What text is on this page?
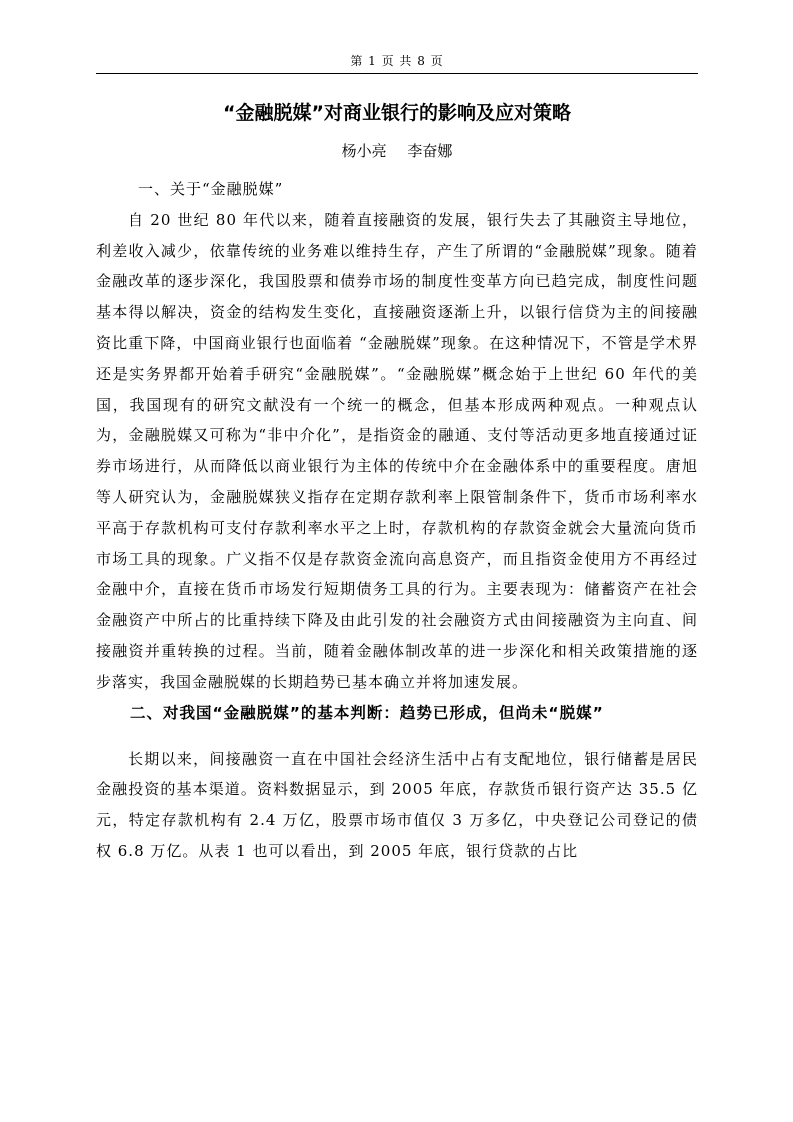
第 1 页 共 8 页
“金融脱媒”对商业银行的影响及应对策略
杨小亮 李奋娜

一、关于“金融脱媒”

自 20 世纪 80 年代以来，随着直接融资的发展，银行失去了其融资主导地位，利差收入减少，依靠传统的业务难以维持生存，产生了所谓的“金融脱媒”现象。随着金融改革的逐步深化，我国股票和债券市场的制度性变革方向已趋完成，制度性问题基本得以解决，资金的结构发生变化，直接融资逐渐上升，以银行信贷为主的间接融资比重下降，中国商业银行也面临着 “金融脱媒”现象。在这种情况下，不管是学术界还是实务界都开始着手研究“金融脱媒”。“金融脱媒”概念始于上世纪 60 年代的美国，我国现有的研究文献没有一个统一的概念，但基本形成两种观点。一种观点认为，金融脱媒又可称为“非中介化”，是指资金的融通、支付等活动更多地直接通过证券市场进行，从而降低以商业银行为主体的传统中介在金融体系中的重要程度。唐旭等人研究认为，金融脱媒狭义指存在定期存款利率上限管制条件下，货币市场利率水平高于存款机构可支付存款利率水平之上时，存款机构的存款资金就会大量流向货币市场工具的现象。广义指不仅是存款资金流向高息资产，而且指资金使用方不再经过金融中介，直接在货币市场发行短期债务工具的行为。主要表现为：储蓄资产在社会金融资产中所占的比重持续下降及由此引发的社会融资方式由间接融资为主向直、间接融资并重转换的过程。当前，随着金融体制改革的进一步深化和相关政策措施的逐步落实，我国金融脱媒的长期趋势已基本确立并将加速发展。

二、对我国“金融脱媒”的基本判断：趋势已形成，但尚未“脱媒”

长期以来，间接融资一直在中国社会经济生活中占有支配地位，银行储蓄是居民金融投资的基本渠道。资料数据显示，到 2005 年底，存款货币银行资产达 35.5 亿元，特定存款机构有 2.4 万亿，股票市场市值仅 3 万多亿，中央登记公司登记的债权 6.8 万亿。从表 1 也可以看出，到 2005 年底，银行贷款的占比
